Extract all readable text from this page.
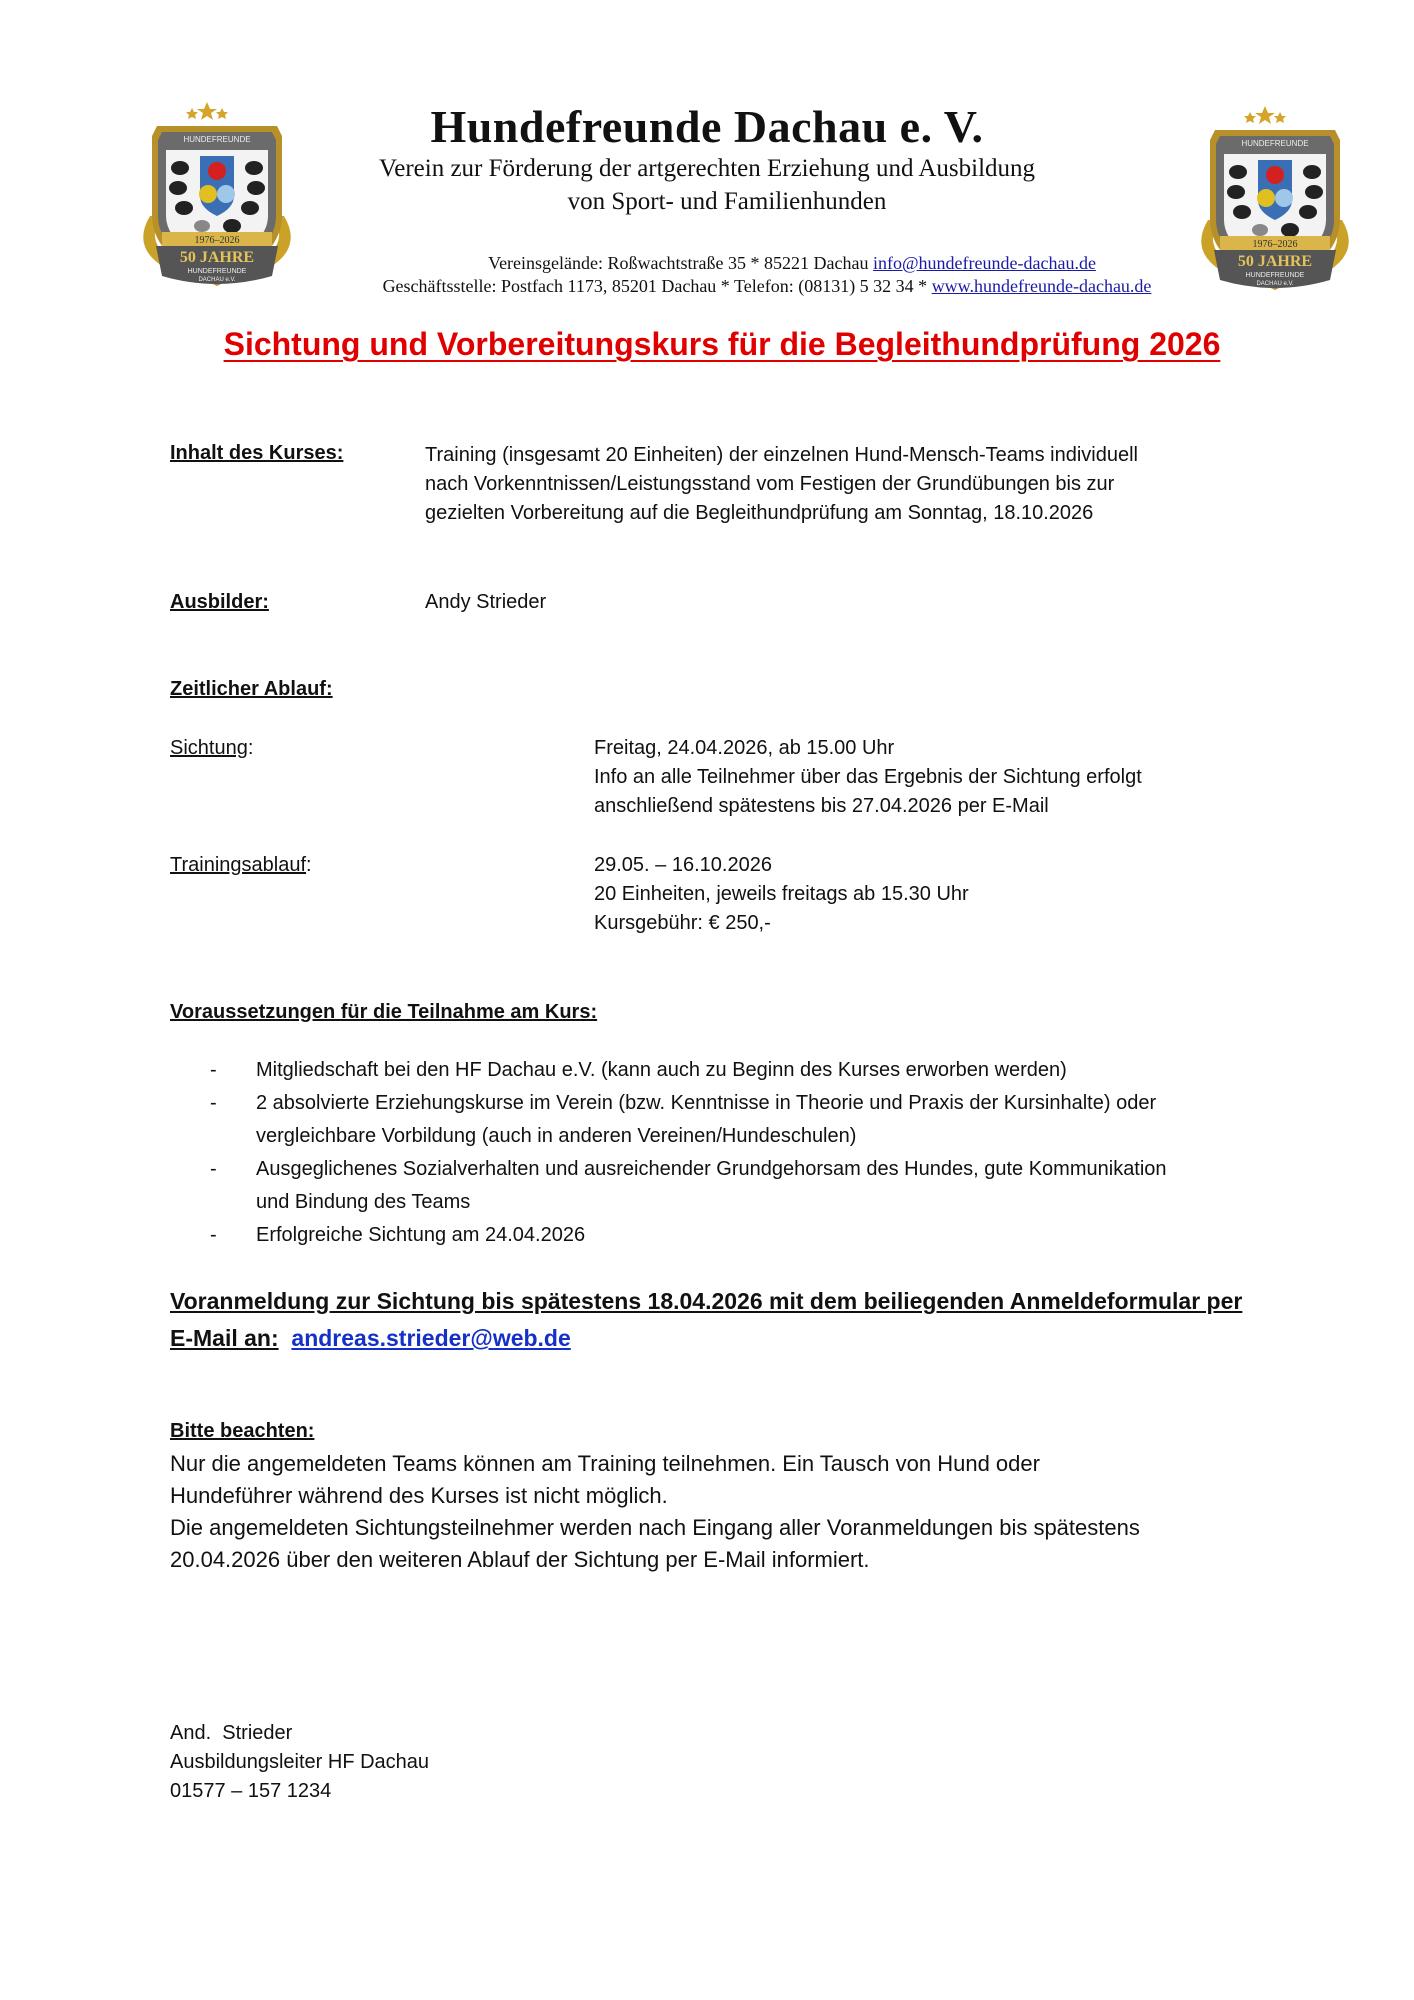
HUNDEFREUNDE
1976–2026
50 JAHRE
HUNDEFREUNDE
DACHAU e.V.
HUNDEFREUNDE
1976–2026
50 JAHRE
HUNDEFREUNDE
DACHAU e.V.
Hundefreunde Dachau e. V.
Verein zur Förderung der artgerechten Erziehung und Ausbildung
von Sport- und Familienhunden
Vereinsgelände: Roßwachtstraße 35 * 85221 Dachau info@hundefreunde-dachau.de
Geschäftsstelle: Postfach 1173, 85201 Dachau * Telefon: (08131) 5 32 34 * www.hundefreunde-dachau.de
Sichtung und Vorbereitungskurs für die Begleithundprüfung 2026
Inhalt des Kurses:	Training (insgesamt 20 Einheiten) der einzelnen Hund-Mensch-Teams individuell
nach Vorkenntnissen/Leistungsstand vom Festigen der Grundübungen bis zur
gezielten Vorbereitung auf die Begleithundprüfung am Sonntag, 18.10.2026
Ausbilder:	Andy Strieder
Zeitlicher Ablauf:
Sichtung:	Freitag, 24.04.2026, ab 15.00 Uhr
Info an alle Teilnehmer über das Ergebnis der Sichtung erfolgt
anschließend spätestens bis 27.04.2026 per E-Mail
Trainingsablauf:	29.05. – 16.10.2026
20 Einheiten, jeweils freitags ab 15.30 Uhr
Kursgebühr: € 250,-
Voraussetzungen für die Teilnahme am Kurs:
- Mitgliedschaft bei den HF Dachau e.V. (kann auch zu Beginn des Kurses erworben werden)
- 2 absolvierte Erziehungskurse im Verein (bzw. Kenntnisse in Theorie und Praxis der Kursinhalte) oder
vergleichbare Vorbildung (auch in anderen Vereinen/Hundeschulen)
- Ausgeglichenes Sozialverhalten und ausreichender Grundgehorsam des Hundes, gute Kommunikation
und Bindung des Teams
- Erfolgreiche Sichtung am 24.04.2026
Voranmeldung zur Sichtung bis spätestens 18.04.2026 mit dem beiliegenden Anmeldeformular per
E-Mail an: andreas.strieder@web.de
Bitte beachten:
Nur die angemeldeten Teams können am Training teilnehmen. Ein Tausch von Hund oder
Hundeführer während des Kurses ist nicht möglich.
Die angemeldeten Sichtungsteilnehmer werden nach Eingang aller Voranmeldungen bis spätestens
20.04.2026 über den weiteren Ablauf der Sichtung per E-Mail informiert.
And.  Strieder
Ausbildungsleiter HF Dachau
01577 – 157 1234
